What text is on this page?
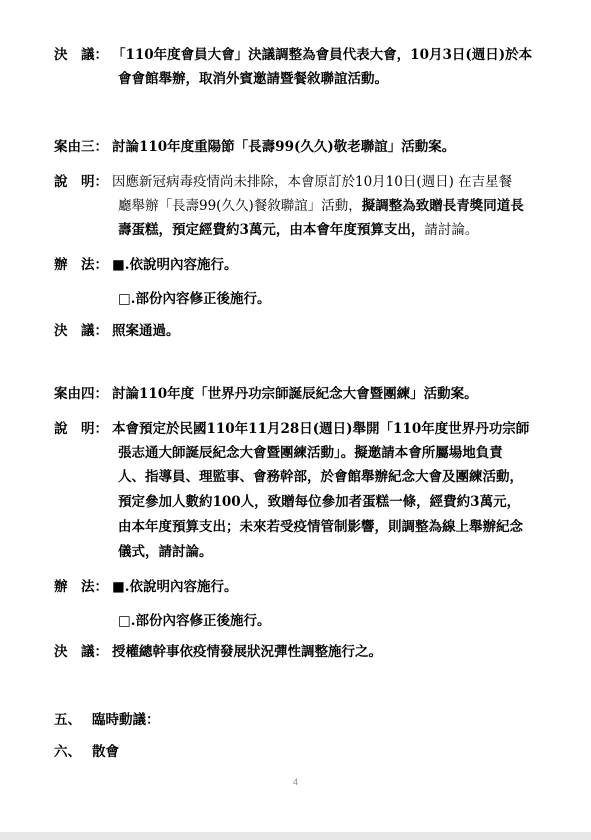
決　議： 「110年度會員大會」決議調整為會員代表大會，10月3日(週日)於本
會會館舉辦，取消外賓邀請暨餐敘聯誼活動。
案由三： 討論110年度重陽節「長壽99(久久)敬老聯誼」活動案。
說　明： 因應新冠病毒疫情尚未排除，本會原訂於10月10日(週日) 在吉星餐
廳舉辦「長壽99(久久)餐敘聯誼」活動，擬調整為致贈長青獎同道長
壽蛋糕，預定經費約3萬元，由本會年度預算支出，請討論。
辦　法： ■.依說明內容施行。
□.部份內容修正後施行。
決　議： 照案通過。
案由四： 討論110年度「世界丹功宗師誕辰紀念大會暨團練」活動案。
說　明： 本會預定於民國110年11月28日(週日)舉開「110年度世界丹功宗師
張志通大師誕辰紀念大會暨團練活動」。擬邀請本會所屬場地負責
人、指導員、理監事、會務幹部，於會館舉辦紀念大會及團練活動，
預定參加人數約100人，致贈每位參加者蛋糕一條，經費約3萬元，
由本年度預算支出；未來若受疫情管制影響，則調整為線上舉辦紀念
儀式，請討論。
辦　法： ■.依說明內容施行。
□.部份內容修正後施行。
決　議： 授權總幹事依疫情發展狀況彈性調整施行之。
五、 臨時動議：
六、 散會
4
